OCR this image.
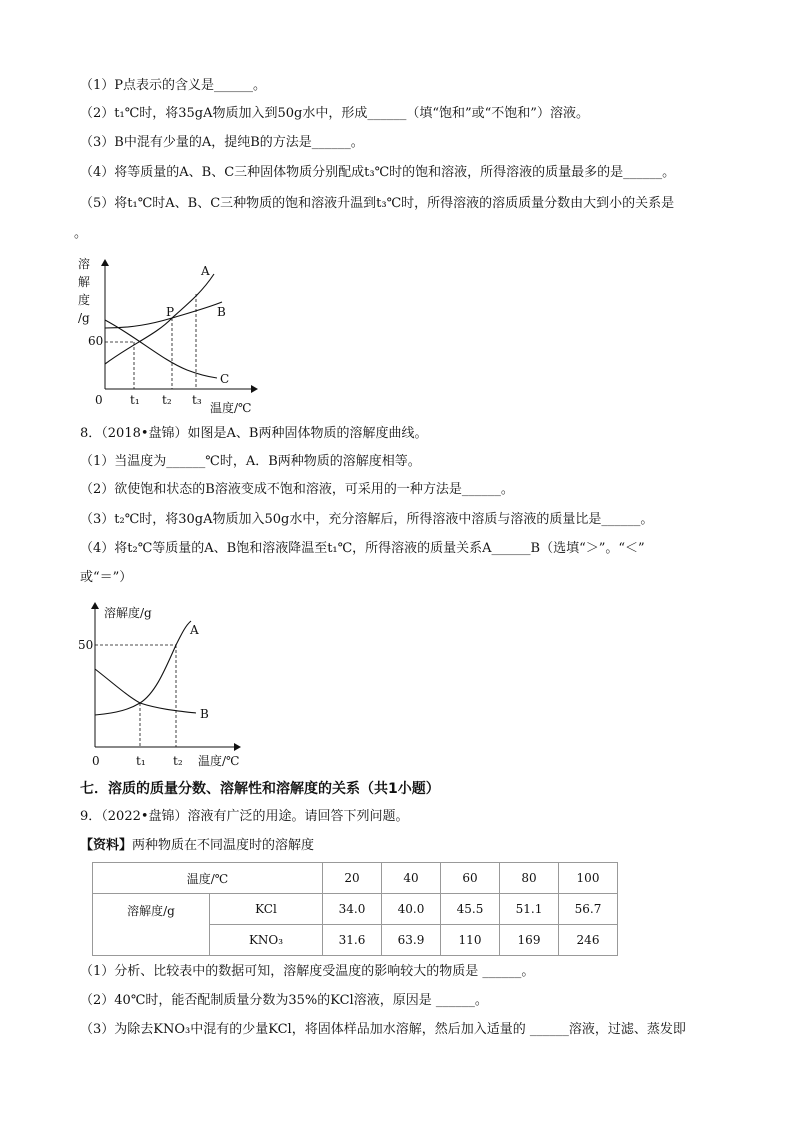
（1）P点表示的含义是______。
（2）t₁℃时，将35gA物质加入到50g水中，形成______（填“饱和”或“不饱和”）溶液。
（3）B中混有少量的A，提纯B的方法是______。
（4）将等质量的A、B、C三种固体物质分别配成t₃℃时的饱和溶液，所得溶液的质量最多的是______。
（5）将t₁℃时A、B、C三种物质的饱和溶液升温到t₃℃时，所得溶液的溶质质量分数由大到小的关系是
。
溶
解
度
/g
60
0 t₁ t₂ t₃
温度/℃
A
B
C
P
8．（2018•盘锦）如图是A、B两种固体物质的溶解度曲线。
（1）当温度为______℃时，A．B两种物质的溶解度相等。
（2）欲使饱和状态的B溶液变成不饱和溶液，可采用的一种方法是______。
（3）t₂℃时，将30gA物质加入50g水中，充分溶解后，所得溶液中溶质与溶液的质量比是______。
（4）将t₂℃等质量的A、B饱和溶液降温至t₁℃，所得溶液的质量关系A______B（选填“＞”。“＜”
或“＝”）
溶解度/g
50
0	t₁ t₂ 温度/℃
A
B
七．溶质的质量分数、溶解性和溶解度的关系（共1小题）
9．（2022•盘锦）溶液有广泛的用途。请回答下列问题。
【资料】两种物质在不同温度时的溶解度
温度/℃		20	40	60	80	100
溶解度/g	KCl	34.0	40.0	45.5	51.1	56.7
	KNO₃	31.6	63.9	110	169	246
（1）分析、比较表中的数据可知，溶解度受温度的影响较大的物质是 ______。
（2）40℃时，能否配制质量分数为35%的KCl溶液，原因是 ______。
（3）为除去KNO₃中混有的少量KCl，将固体样品加水溶解，然后加入适量的 ______溶液，过滤、蒸发即
